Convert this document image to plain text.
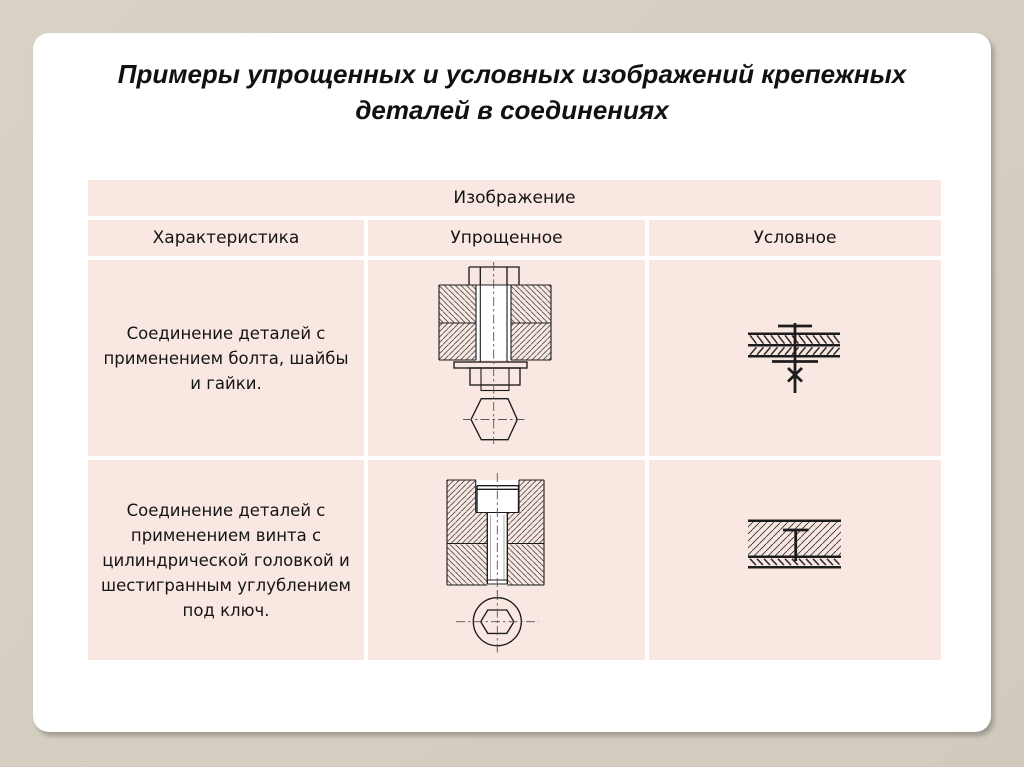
Примеры упрощенных и условных изображений крепежных
деталей в соединениях
Изображение		
Характеристика	Упрощенное	Условное
Соединение деталей с применением болта, шайбы и гайки.	

Соединение деталей с применением винта с цилиндрической головкой и шестигранным углублением под ключ.	
